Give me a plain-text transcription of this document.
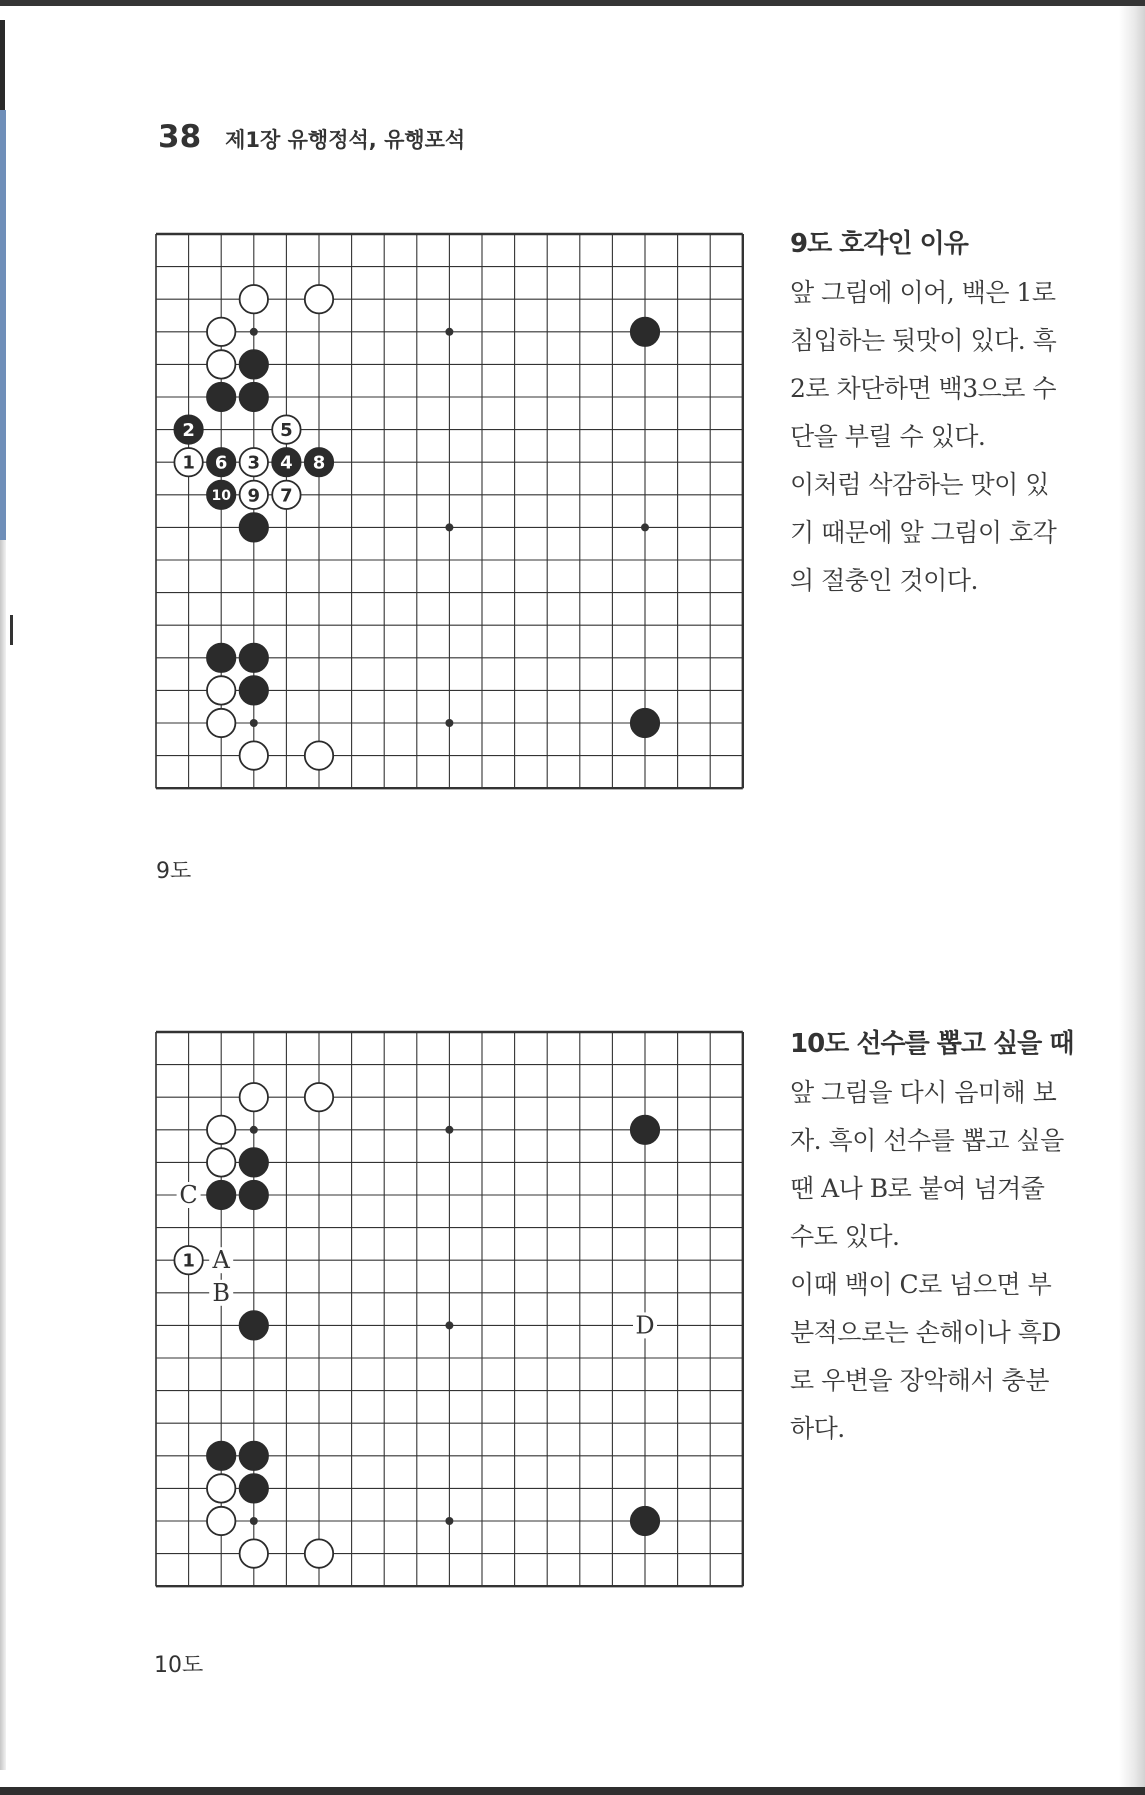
38 제1장 유행정석, 유행포석
2	5
1 6 3 4 8
10 9 7
9도
9도 호각인 이유
앞 그림에 이어, 백은 1로
침입하는 뒷맛이 있다. 흑
2로 차단하면 백3으로 수
단을 부릴 수 있다.
이처럼 삭감하는 맛이 있
기 때문에 앞 그림이 호각
의 절충인 것이다.
C
A
B
D
1
10도
10도 선수를 뽑고 싶을 때
앞 그림을 다시 음미해 보
자. 흑이 선수를 뽑고 싶을
땐 A나 B로 붙여 넘겨줄
수도 있다.
이때 백이 C로 넘으면 부
분적으로는 손해이나 흑D
로 우변을 장악해서 충분
하다.
